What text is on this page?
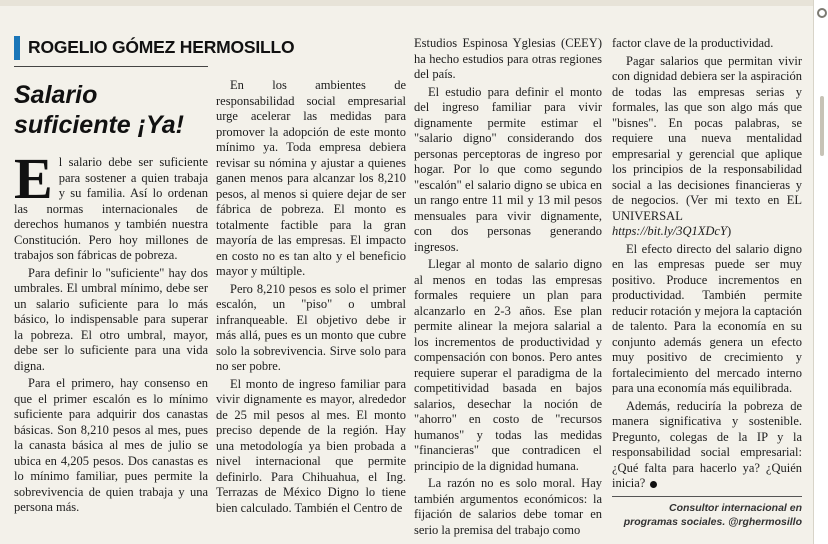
ROGELIO GÓMEZ HERMOSILLO
Salario suficiente ¡Ya!

El salario debe ser suficiente para sostener a quien trabaja y su familia. Así lo ordenan las normas internacionales de derechos humanos y también nuestra Constitución. Pero hoy millones de trabajos son fábricas de pobreza.

Para definir lo "suficiente" hay dos umbrales. El umbral mínimo, debe ser un salario suficiente para lo más básico, lo indispensable para superar la pobreza. El otro umbral, mayor, debe ser lo suficiente para una vida digna.

Para el primero, hay consenso en que el primer escalón es lo mínimo suficiente para adquirir dos canastas básicas. Son 8,210 pesos al mes, pues la canasta básica al mes de julio se ubica en 4,205 pesos. Dos canastas es lo mínimo familiar, pues permite la sobrevivencia de quien trabaja y una persona más.

En los ambientes de responsabilidad social empresarial urge acelerar las medidas para promover la adopción de este monto mínimo ya. Toda empresa debiera revisar su nómina y ajustar a quienes ganen menos para alcanzar los 8,210 pesos, al menos si quiere dejar de ser fábrica de pobreza. El monto es totalmente factible para la gran mayoría de las empresas. El impacto en costo no es tan alto y el beneficio mayor y múltiple.

Pero 8,210 pesos es solo el primer escalón, un "piso" o umbral infranqueable. El objetivo debe ir más allá, pues es un monto que cubre solo la sobrevivencia. Sirve solo para no ser pobre.

El monto de ingreso familiar para vivir dignamente es mayor, alrededor de 25 mil pesos al mes. El monto preciso depende de la región. Hay una metodología ya bien probada a nivel internacional que permite definirlo. Para Chihuahua, el Ing. Terrazas de México Digno lo tiene bien calculado. También el Centro de

Estudios Espinosa Yglesias (CEEY) ha hecho estudios para otras regiones del país.

El estudio para definir el monto del ingreso familiar para vivir dignamente permite estimar el "salario digno" considerando dos personas perceptoras de ingreso por hogar. Por lo que como segundo "escalón" el salario digno se ubica en un rango entre 11 mil y 13 mil pesos mensuales para vivir dignamente, con dos personas generando ingresos.

Llegar al monto de salario digno al menos en todas las empresas formales requiere un plan para alcanzarlo en 2-3 años. Ese plan permite alinear la mejora salarial a los incrementos de productividad y compensación con bonos. Pero antes requiere superar el paradigma de la competitividad basada en bajos salarios, desechar la noción de "ahorro" en costo de "recursos humanos" y todas las medidas "financieras" que contradicen el principio de la dignidad humana.

La razón no es solo moral. Hay también argumentos económicos: la fijación de salarios debe tomar en serio la premisa del trabajo como

factor clave de la productividad.

Pagar salarios que permitan vivir con dignidad debiera ser la aspiración de todas las empresas serias y formales, las que son algo más que "bisnes". En pocas palabras, se requiere una nueva mentalidad empresarial y gerencial que aplique los principios de la responsabilidad social a las decisiones financieras y de negocios. (Ver mi texto en EL UNIVERSAL https://bit.ly/3Q1XDcY)

El efecto directo del salario digno en las empresas puede ser muy positivo. Produce incrementos en productividad. También permite reducir rotación y mejora la captación de talento. Para la economía en su conjunto además genera un efecto muy positivo de crecimiento y fortalecimiento del mercado interno para una economía más equilibrada.

Además, reduciría la pobreza de manera significativa y sostenible. Pregunto, colegas de la IP y la responsabilidad social empresarial: ¿Qué falta para hacerlo ya? ¿Quién inicia?

Consultor internacional en programas sociales. @rghermosillo
